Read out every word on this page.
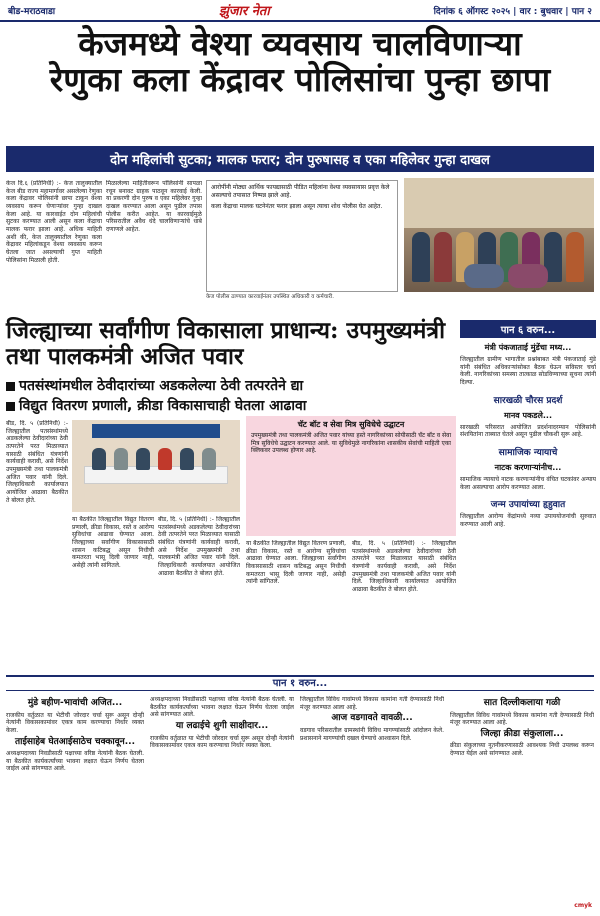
बीड-मराठवाडा	झुंजार नेता	दिनांक ६ ऑगस्ट २०२५ | वार : बुधवार | पान २
केजमध्ये वेश्या व्यवसाय चालविणाऱ्या
रेणुका कला केंद्रावर पोलिसांचा पुन्हा छापा
दोन महिलांची सुटका; मालक फरार; दोन पुरुषासह व एका महिलेवर गुन्हा दाखल
केज दि.६ (प्रतिनिधी) :- केज तालुक्यातील केज बीड राज्य महामार्गावर असलेल्या रेणुका कला केंद्रावर पोलिसांनी छापा टाकून वेश्या व्यवसाय करून घेणाऱ्यांवर गुन्हा दाखल केला आहे. या कारवाईत दोन महिलांची सुटका करण्यात आली असून कला केंद्राचा मालक फरार झाला आहे. अधिक माहिती अशी की, केज तालुक्यातील रेणुका कला केंद्रावर महिलांकडून वेश्या व्यवसाय करून घेतला जात असल्याची गुप्त माहिती पोलिसांना मिळाली होती.
मिळालेल्या माहितीवरून पोलिसांनी सापळा रचून बनावट ग्राहक पाठवून कारवाई केली. या प्रकरणी दोन पुरुष व एका महिलेवर गुन्हा दाखल करण्यात आला असून पुढील तपास पोलीस करीत आहेत. या कारवाईमुळे परिसरातील अवैध धंदे चालविणाऱ्यांचे धाबे दणाणले आहेत.

आरोपींनी मोठ्या आर्थिक फायद्यासाठी पीडित महिलांना वेश्या व्यवसायास प्रवृत्त केले असल्याचे तपासात निष्पन्न झाले आहे.

कला केंद्राचा मालक घटनेनंतर फरार झाला असून त्याचा शोध पोलीस घेत आहेत.

केज पोलीस ठाण्यात कारवाईनंतर उपस्थित अधिकारी व कर्मचारी.
जिल्ह्याच्या सर्वांगीण विकासाला प्राधान्य: उपमुख्यमंत्री तथा पालकमंत्री अजित पवार
पतसंस्थांमधील ठेवीदारांच्या अडकलेल्या ठेवी तत्परतेने द्या
विद्युत वितरण प्रणाली, क्रीडा विकासाचाही घेतला आढावा
बीड, दि. ५ (प्रतिनिधी) :- जिल्ह्यातील पतसंस्थांमध्ये अडकलेल्या ठेवीदारांच्या ठेवी तत्परतेने परत मिळाव्यात यासाठी संबंधित यंत्रणांनी कार्यवाही करावी, असे निर्देश उपमुख्यमंत्री तथा पालकमंत्री अजित पवार यांनी दिले. जिल्हाधिकारी कार्यालयात आयोजित आढावा बैठकीत ते बोलत होते.
या बैठकीत जिल्ह्यातील विद्युत वितरण प्रणाली, क्रीडा विकास, रस्ते व आरोग्य सुविधांचा आढावा घेण्यात आला. जिल्ह्याच्या सर्वांगीण विकासासाठी शासन कटिबद्ध असून निधीची कमतरता भासू दिली जाणार नाही, असेही त्यांनी सांगितले.
बीड, दि. ५ (प्रतिनिधी) :- जिल्ह्यातील पतसंस्थांमध्ये अडकलेल्या ठेवीदारांच्या ठेवी तत्परतेने परत मिळाव्यात यासाठी संबंधित यंत्रणांनी कार्यवाही करावी, असे निर्देश उपमुख्यमंत्री तथा पालकमंत्री अजित पवार यांनी दिले. जिल्हाधिकारी कार्यालयात आयोजित आढावा बैठकीत ते बोलत होते.
चॅट बॉट व सेवा मित्र सुविधेचे उद्घाटन
उपमुख्यमंत्री तथा पालकमंत्री अजित पवार यांच्या हस्ते नागरिकांच्या सोयीसाठी चॅट बॉट व सेवा मित्र सुविधेचे उद्घाटन करण्यात आले. या सुविधेमुळे नागरिकांना शासकीय सेवांची माहिती एका क्लिकवर उपलब्ध होणार आहे.
या बैठकीत जिल्ह्यातील विद्युत वितरण प्रणाली, क्रीडा विकास, रस्ते व आरोग्य सुविधांचा आढावा घेण्यात आला. जिल्ह्याच्या सर्वांगीण विकासासाठी शासन कटिबद्ध असून निधीची कमतरता भासू दिली जाणार नाही, असेही त्यांनी सांगितले.
बीड, दि. ५ (प्रतिनिधी) :- जिल्ह्यातील पतसंस्थांमध्ये अडकलेल्या ठेवीदारांच्या ठेवी तत्परतेने परत मिळाव्यात यासाठी संबंधित यंत्रणांनी कार्यवाही करावी, असे निर्देश उपमुख्यमंत्री तथा पालकमंत्री अजित पवार यांनी दिले. जिल्हाधिकारी कार्यालयात आयोजित आढावा बैठकीत ते बोलत होते.
पान ६ वरुन...
मंत्री पंकजाताई मुंडेंचा मध्य...
जिल्ह्यातील ग्रामीण भागातील प्रश्नांबाबत मंत्री पंकजाताई मुंडे यांनी संबंधित अधिकाऱ्यांसोबत बैठक घेऊन सविस्तर चर्चा केली. नागरिकांच्या समस्या तात्काळ सोडविण्याच्या सूचना त्यांनी दिल्या.
सारखळी चौरस प्रदर्श
मानव पकडले...
सारखळी परिसरात आयोजित प्रदर्शनादरम्यान पोलिसांनी संशयितांना ताब्यात घेतले असून पुढील चौकशी सुरू आहे.
सामाजिक न्यायाचे
नाटक करणाऱ्यांनीच...
सामाजिक न्यायाचे नाटक करणाऱ्यांनीच वंचित घटकांवर अन्याय केला असल्याचा आरोप करण्यात आला.
जन्म उपायांच्या हृहुवात
जिल्ह्यातील आरोग्य केंद्रांमध्ये नव्या उपाययोजनांची सुरुवात करण्यात आली आहे.
पान १ वरुन...
मुंडे बहीण-भावांची अजित...
राजकीय वर्तुळात या भेटीची जोरदार चर्चा सुरू असून दोन्ही नेत्यांनी विकासकामांवर एकत्र काम करण्याचा निर्धार व्यक्त केला.
ताईसाहेब घेतआईसाठेच चक्कावून...
अध्यक्षपदाच्या निवडीसाठी पक्षाच्या वरिष्ठ नेत्यांनी बैठक घेतली. या बैठकीत कार्यकर्त्यांच्या भावना लक्षात घेऊन निर्णय घेतला जाईल असे सांगण्यात आले.
अध्यक्षपदाच्या निवडीसाठी पक्षाच्या वरिष्ठ नेत्यांनी बैठक घेतली. या बैठकीत कार्यकर्त्यांच्या भावना लक्षात घेऊन निर्णय घेतला जाईल असे सांगण्यात आले.
या लढाईचे शुगी साक्षीदार...
राजकीय वर्तुळात या भेटीची जोरदार चर्चा सुरू असून दोन्ही नेत्यांनी विकासकामांवर एकत्र काम करण्याचा निर्धार व्यक्त केला.
जिल्ह्यातील विविध गावांमध्ये विकास कामांना गती देण्यासाठी निधी मंजूर करण्यात आला आहे.
आज वडगावते वावळी...
वडगाव परिसरातील ग्रामस्थांनी विविध मागण्यांसाठी आंदोलन केले. प्रशासनाने मागण्यांची दखल घेण्याचे आश्वासन दिले.
सात दिल्लीकलाया गळी
जिल्ह्यातील विविध गावांमध्ये विकास कामांना गती देण्यासाठी निधी मंजूर करण्यात आला आहे.
जिल्हा क्रीडा संकुलाला...
क्रीडा संकुलाच्या नूतनीकरणासाठी आवश्यक निधी उपलब्ध करून देण्यात येईल असे सांगण्यात आले.
cmyk
